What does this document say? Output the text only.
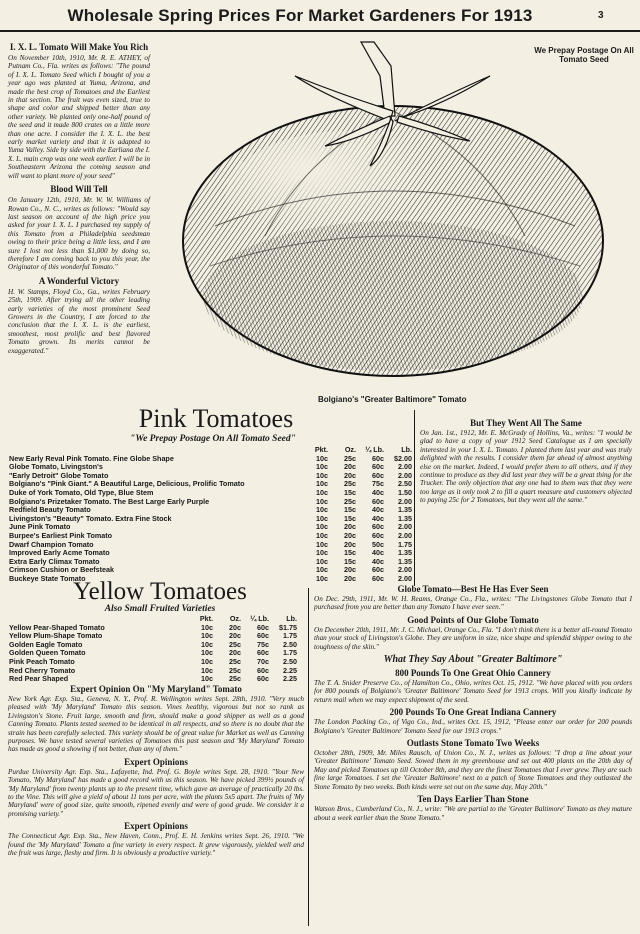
Wholesale Spring Prices For Market Gardeners For 1913	3
I. X. L. Tomato Will Make You Rich
On November 10th, 1910, Mr. R. E. ATHEY, of Putnam Co., Fla. writes as follows: "The pound of I. X. L. Tomato Seed which I bought of you a year ago was planted at Yuma, Arizona, and made the best crop of Tomatoes and the Earliest in that section. The fruit was even sized, true to shape and color and shipped better than any other variety. We planted only one-half pound of the seed and it made 800 crates on a little more than one acre. I consider the I. X. L. the best early market variety and that it is adapted to Yuma Valley. Side by side with the Earliana the I. X. L. main crop was one week earlier. I will be in Southeastern Arizona the coming season and will want to plant more of your seed"
Blood Will Tell
On January 12th, 1910, Mr. W. W. Williams of Rowan Co., N. C., writes as follows: "Would say last season on account of the high price you asked for your I. X. L. I purchased my supply of this Tomato from a Philadelphia seedsman owing to their price being a little less, and I am sure I lost not less than $1,000 by doing so, therefore I am coming back to you this year, the Originator of this wonderful Tomato."
A Wonderful Victory
H. W. Stamps, Floyd Co., Ga., writes February 25th, 1909. After trying all the other leading early varieties of the most prominent Seed Growers in the Country, I am forced to the conclusion that the I. X. L. is the earliest, smoothest, most prolific and best flavored Tomato grown. Its merits cannot be exaggerated."
We Prepay Postage On All Tomato Seed
Bolgiano's "Greater Baltimore" Tomato
Pink Tomatoes
"We Prepay Postage On All Tomato Seed"
	Pkt.	Oz.	¼ Lb.	Lb.
New Early Reval Pink Tomato. Fine Globe Shape	10c	25c	60c	$2.00
Globe Tomato, Livingston's	10c	20c	60c	2.00
"Early Detroit" Globe Tomato	10c	20c	60c	2.00
Bolgiano's "Pink Giant." A Beautiful Large, Delicious, Prolific Tomato	10c	25c	75c	2.50
Duke of York Tomato, Old Type, Blue Stem	10c	15c	40c	1.50
Bolgiano's Prizetaker Tomato. The Best Large Early Purple	10c	25c	60c	2.00
Redfield Beauty Tomato	10c	15c	40c	1.35
Livingston's "Beauty" Tomato. Extra Fine Stock	10c	15c	40c	1.35
June Pink Tomato	10c	20c	60c	2.00
Burpee's Earliest Pink Tomato	10c	20c	60c	2.00
Dwarf Champion Tomato	10c	20c	50c	1.75
Improved Early Acme Tomato	10c	15c	40c	1.35
Extra Early Climax Tomato	10c	15c	40c	1.35
Crimson Cushion or Beefsteak	10c	20c	60c	2.00
Buckeye State Tomato	10c	20c	60c	2.00
Yellow Tomatoes
Also Small Fruited Varieties
	Pkt.	Oz.	¼ Lb.	Lb.
Yellow Pear-Shaped Tomato	10c	20c	60c	$1.75
Yellow Plum-Shape Tomato	10c	20c	60c	1.75
Golden Eagle Tomato	10c	25c	75c	2.50
Golden Queen Tomato	10c	20c	60c	1.75
Pink Peach Tomato	10c	25c	70c	2.50
Red Cherry Tomato	10c	25c	60c	2.25
Red Pear Shaped	10c	25c	60c	2.25
Expert Opinion On "My Maryland" Tomato
New York Agr. Exp. Sta., Geneva, N. Y., Prof. R. Wellington writes Sept. 28th, 1910. "Very much pleased with 'My Maryland' Tomato this season. Vines healthy, vigorous but not so rank as Livingston's Stone. Fruit large, smooth and firm, should make a good shipper as well as a good Canning Tomato. Plants tested seemed to be identical in all respects, and so there is no doubt that the strain has been carefully selected. This variety should be of great value for Market as well as Canning purposes. We have tested several varieties of Tomatoes this past season and 'My Maryland' Tomato has made as good a showing if not better, than any of them."
Expert Opinions
Purdue University Agr. Exp. Sta., Lafayette, Ind. Prof. G. Boyle writes Sept. 28, 1910. "Your New Tomato, 'My Maryland' has made a good record with us this season. We have picked 399½ pounds of 'My Maryland' from twenty plants up to the present time, which gave an average of practically 20 lbs. to the Vine. This will give a yield of about 11 tons per acre, with the plants 5x5 apart. The fruits of 'My Maryland' were of good size, quite smooth, ripened evenly and were of good grade. We consider it a promising variety."
Expert Opinions
The Connecticut Agr. Exp. Sta., New Haven, Conn., Prof. E. H. Jenkins writes Sept. 26, 1910. "We found the 'My Maryland' Tomato a fine variety in every respect. It grew vigorously, yielded well and the fruit was large, fleshy and firm. It is obviously a productive variety."
But They Went All The Same
On Jan. 1st., 1912, Mr. E. McGrady of Hollins, Va., writes: "I would be glad to have a copy of your 1912 Seed Catalogue as I am specially interested in your I. X. L. Tomato. I planted them last year and was truly delighted with the results. I consider them far ahead of almost anything else on the market. Indeed, I would prefer them to all others, and if they continue to produce as they did last year they will be a great thing for the Trucker. The only objection that any one had to them was that they were too large as it only took 2 to fill a quart measure and customers objected to paying 25c for 2 Tomatoes, but they went all the same."
Globe Tomato—Best He Has Ever Seen
On Dec. 29th, 1911, Mr. W. H. Reams, Orange Co., Fla., writes: "The Livingstones Globe Tomato that I purchased from you are better than any Tomato I have ever seen."
Good Points of Our Globe Tomato
On December 20th, 1911, Mr. J. C. Michael, Orange Co., Fla. "I don't think there is a better all-round Tomato than your stock of Livingston's Globe. They are uniform in size, nice shape and splendid shipper owing to the toughness of the skin."
What They Say About "Greater Baltimore"
800 Pounds To One Great Ohio Cannery
The T. A. Snider Preserve Co., of Hamilton Co., Ohio, writes Oct. 15, 1912. "We have placed with you orders for 800 pounds of Bolgiano's 'Greater Baltimore' Tomato Seed for 1913 crops. Will you kindly indicate by return mail when we may expect shipment of the seed.
200 Pounds To One Great Indiana Cannery
The London Packing Co., of Vigo Co., Ind., writes Oct. 15, 1912, "Please enter our order for 200 pounds Bolgiano's 'Greater Baltimore' Tomato Seed for our 1913 crops."
Outlasts Stone Tomato Two Weeks
October 28th, 1909, Mr. Miles Rausch, of Union Co., N. J., writes as follows: "I drop a line about your 'Greater Baltimore' Tomato Seed. Sowed them in my greenhouse and set out 400 plants on the 20th day of May and picked Tomatoes up till October 8th, and they are the finest Tomatoes that I ever grew. They are such fine large Tomatoes. I set the 'Greater Baltimore' next to a patch of Stone Tomatoes and they outlasted the Stone Tomato by two weeks. Both kinds were set out on the same day, May 20th."
Ten Days Earlier Than Stone
Watson Bros., Cumberland Co., N. J., write: "We are partial to the 'Greater Baltimore' Tomato as they mature about a week earlier than the Stone Tomato."
